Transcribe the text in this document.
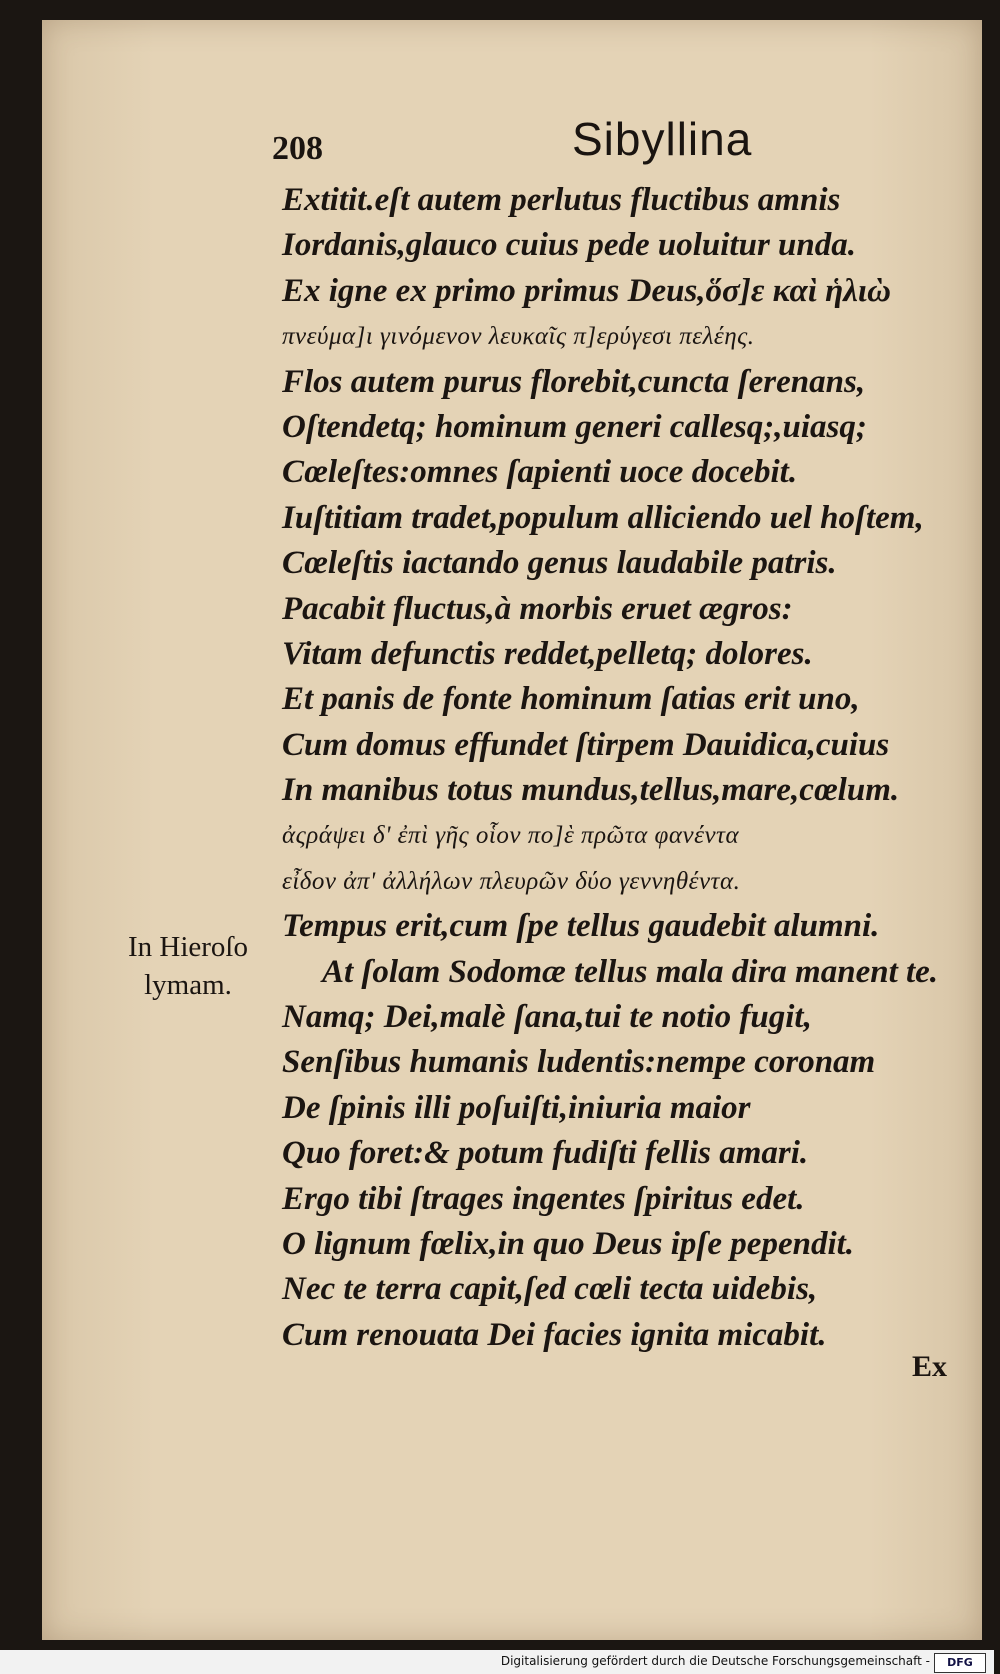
208	Sibyllina
Extitit.eſt autem perlutus fluctibus amnis
Iordanis,glauco cuius pede uoluitur unda.
Ex igne ex primo primus Deus,ὅσ]ε καὶ ἡλιὼ
πνεύμα]ι γινόμενον λευκαῖς π]ερύγεσι πελέης.
Flos autem purus florebit,cuncta ſerenans,
Oſtendetq; hominum generi callesq;,uiasq;
Cœleſtes:omnes ſapienti uoce docebit.
Iuſtitiam tradet,populum alliciendo uel hoſtem,
Cœleſtis iactando genus laudabile patris.
Pacabit fluctus,à morbis eruet ægros:
Vitam defunctis reddet,pelletq; dolores.
Et panis de fonte hominum ſatias erit uno,
Cum domus effundet ſtirpem Dauidica,cuius
In manibus totus mundus,tellus,mare,cœlum.
ἀςράψει δ' ἐπὶ γῆς οἷον πο]ὲ πρῶτα φανέντα
εἶδον ἀπ' ἀλλήλων πλευρῶν δύο γεννηθέντα.
Tempus erit,cum ſpe tellus gaudebit alumni.
At ſolam Sodomæ tellus mala dira manent te.
Namq; Dei,malè ſana,tui te notio fugit,
Senſibus humanis ludentis:nempe coronam
De ſpinis illi poſuiſti,iniuria maior
Quo foret:& potum fudiſti fellis amari.
Ergo tibi ſtrages ingentes ſpiritus edet.
O lignum fœlix,in quo Deus ipſe pependit.
Nec te terra capit,ſed cœli tecta uidebis,
Cum renouata Dei facies ignita micabit.
In Hieroſo
lymam.
Ex
Digitalisierung gefördert durch die Deutsche Forschungsgemeinschaft -	DFG
